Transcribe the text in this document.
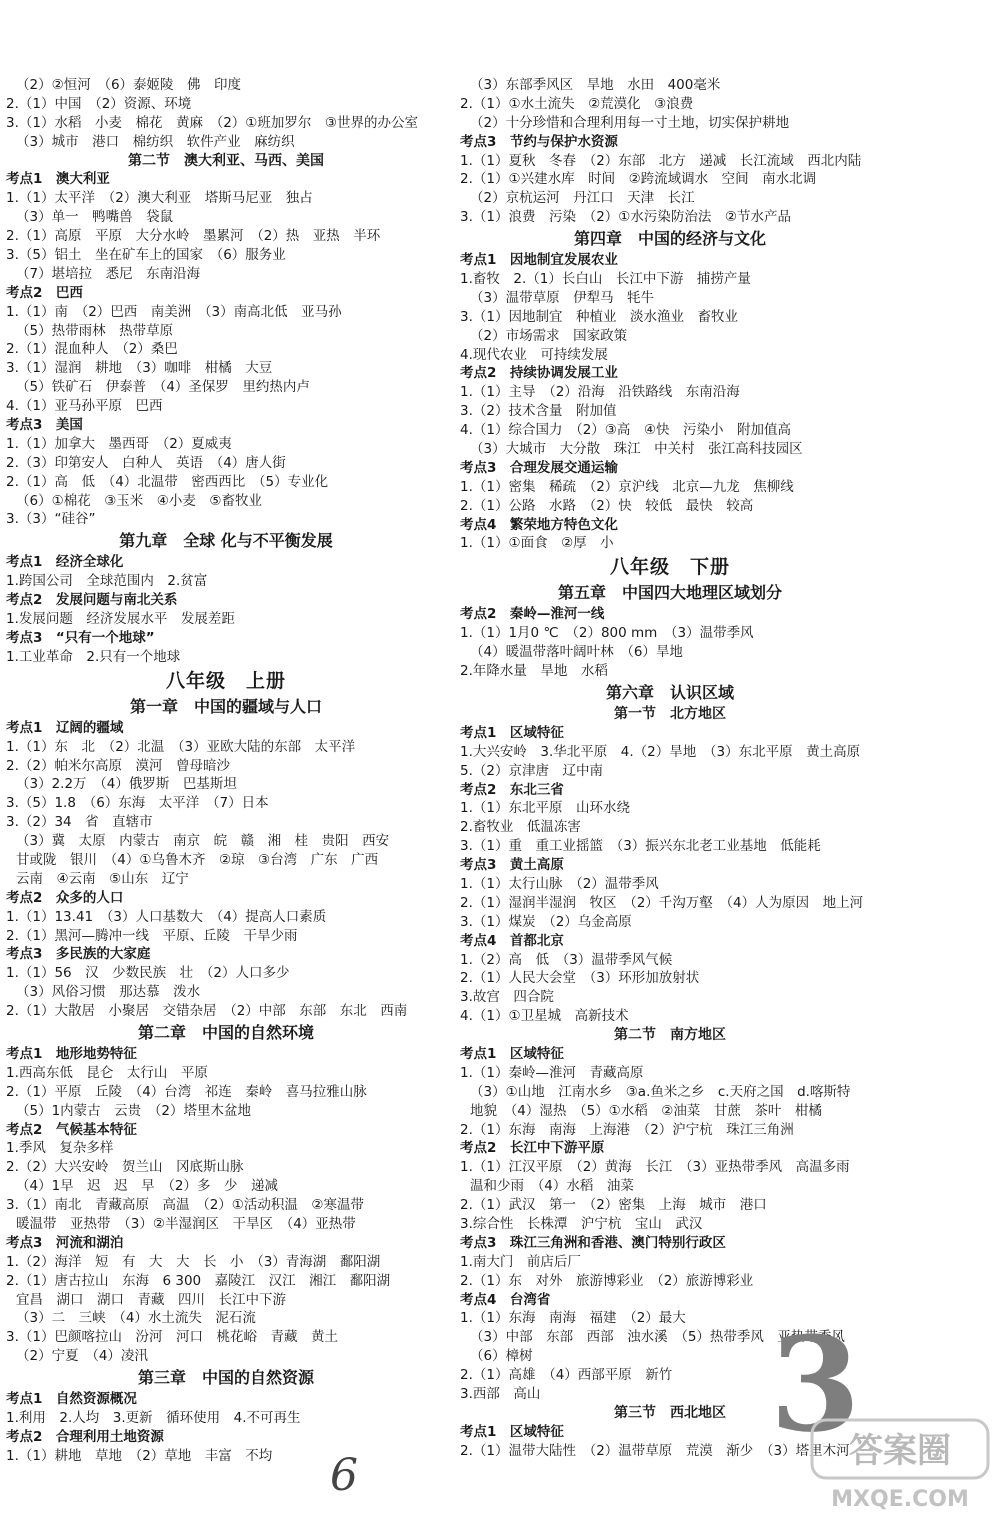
（2）②恒河　（6）泰姬陵　佛　印度
2.（1）中国　（2）资源、环境
3.（1）水稻　小麦　棉花　黄麻　（2）①班加罗尔　③世界的办公室
（3）城市　港口　棉纺织　软件产业　麻纺织
第二节　澳大利亚、马西、美国
考点1　澳大利亚
1.（1）太平洋　（2）澳大利亚　塔斯马尼亚　独占
（3）单一　鸭嘴兽　袋鼠
2.（1）高原　平原　大分水岭　墨累河　（2）热　亚热　半环
3.（5）铝土　坐在矿车上的国家　（6）服务业
（7）堪培拉　悉尼　东南沿海
考点2　巴西
1.（1）南　（2）巴西　南美洲　（3）南高北低　亚马孙
（5）热带雨林　热带草原
2.（1）混血种人　（2）桑巴
3.（1）湿润　耕地　（3）咖啡　柑橘　大豆
（5）铁矿石　伊泰普　（4）圣保罗　里约热内卢
4.（1）亚马孙平原　巴西
考点3　美国
1.（1）加拿大　墨西哥　（2）夏威夷
2.（3）印第安人　白种人　英语　（4）唐人街
2.（1）高　低　（4）北温带　密西西比　（5）专业化
（6）①棉花　③玉米　④小麦　⑤畜牧业
3.（3）“硅谷”
第九章　全球 化与不平衡发展
考点1　经济全球化
1.跨国公司　全球范围内　2.贫富
考点2　发展问题与南北关系
1.发展问题　经济发展水平　发展差距
考点3　“只有一个地球”
1.工业革命　2.只有一个地球
八年级　上册
第一章　中国的疆域与人口
考点1　辽阔的疆域
1.（1）东　北　（2）北温　（3）亚欧大陆的东部　太平洋
2.（2）帕米尔高原　漠河　曾母暗沙
（3）2.2万　（4）俄罗斯　巴基斯坦
3.（5）1.8　（6）东海　太平洋　（7）日本
3.（2）34　省　直辖市
（3）冀　太原　内蒙古　南京　皖　赣　湘　桂　贵阳　西安
甘或陇　银川　（4）①乌鲁木齐　②琼　③台湾　广东　广西
云南　④云南　⑤山东　辽宁
考点2　众多的人口
1.（1）13.41　（3）人口基数大　（4）提高人口素质
2.（1）黑河—腾冲一线　平原、丘陵　干旱少雨
考点3　多民族的大家庭
1.（1）56　汉　少数民族　壮　（2）人口多少
（3）风俗习惯　那达慕　泼水
2.（1）大散居　小聚居　交错杂居　（2）中部　东部　东北　西南
第二章　中国的自然环境
考点1　地形地势特征
1.西高东低　昆仑　太行山　平原
2.（1）平原　丘陵　（4）台湾　祁连　秦岭　喜马拉雅山脉
（5）1内蒙古　云贵　（2）塔里木盆地
考点2　气候基本特征
1.季风　复杂多样
2.（2）大兴安岭　贺兰山　冈底斯山脉
（4）1早　迟　迟　早　（2）多　少　递减
3.（1）南北　青藏高原　高温　（2）①活动积温　②寒温带
暖温带　亚热带　（3）②半湿润区　干旱区　（4）亚热带
考点3　河流和湖泊
1.（2）海洋　短　有　大　大　长　小　（3）青海湖　鄱阳湖
2.（1）唐古拉山　东海　6 300　嘉陵江　汉江　湘江　鄱阳湖
宜昌　湖口　湖口　青藏　四川　长江中下游
（3）二　三峡　（4）水土流失　泥石流
3.（1）巴颜喀拉山　汾河　河口　桃花峪　青藏　黄土
（2）宁夏　（4）凌汛
第三章　中国的自然资源
考点1　自然资源概况
1.利用　2.人均　3.更新　循环使用　4.不可再生
考点2　合理利用土地资源
1.（1）耕地　草地　（2）草地　丰富　不均
（3）东部季风区　旱地　水田　400毫米
2.（1）①水土流失　②荒漠化　③浪费
（2）十分珍惜和合理利用每一寸土地，切实保护耕地
考点3　节约与保护水资源
1.（1）夏秋　冬春　（2）东部　北方　递减　长江流域　西北内陆
2.（1）①兴建水库　时间　②跨流域调水　空间　南水北调
（2）京杭运河　丹江口　天津　长江
3.（1）浪费　污染　（2）①水污染防治法　②节水产品
第四章　中国的经济与文化
考点1　因地制宜发展农业
1.畜牧　2.（1）长白山　长江中下游　捕捞产量
（3）温带草原　伊犁马　牦牛
3.（1）因地制宜　种植业　淡水渔业　畜牧业
（2）市场需求　国家政策
4.现代农业　可持续发展
考点2　持续协调发展工业
1.（1）主导　（2）沿海　沿铁路线　东南沿海
3.（2）技术含量　附加值
4.（1）综合国力　（2）③高　④快　污染小　附加值高
（3）大城市　大分散　珠江　中关村　张江高科技园区
考点3　合理发展交通运输
1.（1）密集　稀疏　（2）京沪线　北京—九龙　焦柳线
2.（1）公路　水路　（2）快　较低　最快　较高
考点4　繁荣地方特色文化
1.（1）①面食　②厚　小
八年级　下册
第五章　中国四大地理区域划分
考点2　秦岭—淮河一线
1.（1）1月0 ℃　（2）800 mm　（3）温带季风
（4）暖温带落叶阔叶林　（6）旱地
2.年降水量　旱地　水稻
第六章　认识区域
第一节　北方地区
考点1　区域特征
1.大兴安岭　3.华北平原　4.（2）旱地　（3）东北平原　黄土高原
5.（2）京津唐　辽中南
考点2　东北三省
1.（1）东北平原　山环水绕
2.畜牧业　低温冻害
3.（1）重　重工业摇篮　（3）振兴东北老工业基地　低能耗
考点3　黄土高原
1.（1）太行山脉　（2）温带季风
2.（1）湿润半湿润　牧区　（2）千沟万壑　（4）人为原因　地上河
3.（1）煤炭　（2）乌金高原
考点4　首都北京
1.（2）高　低　（3）温带季风气候
2.（1）人民大会堂　（3）环形加放射状
3.故宫　四合院
4.（1）①卫星城　高新技术
第二节　南方地区
考点1　区域特征
1.（1）秦岭—淮河　青藏高原
（3）①山地　江南水乡　③a.鱼米之乡　c.天府之国　d.喀斯特
地貌　（4）湿热　（5）①水稻　②油菜　甘蔗　茶叶　柑橘
2.（1）东海　南海　上海港　（2）沪宁杭　珠江三角洲
考点2　长江中下游平原
1.（1）江汉平原　（2）黄海　长江　（3）亚热带季风　高温多雨
温和少雨　（4）水稻　油菜
2.（1）武汉　第一　（2）密集　上海　城市　港口
3.综合性　长株潭　沪宁杭　宝山　武汉
考点3　珠江三角洲和香港、澳门特别行政区
1.南大门　前店后厂
2.（1）东　对外　旅游博彩业　（2）旅游博彩业
考点4　台湾省
1.（1）东海　南海　福建　（2）最大
（3）中部　东部　西部　浊水溪　（5）热带季风　亚热带季风
（6）樟树
2.（1）高雄　（4）西部平原　新竹
3.西部　高山
第三节　西北地区
考点1　区域特征
2.（1）温带大陆性　（2）温带草原　荒漠　渐少　（3）塔里木河
3
6	答案圈
MXQE.COM
